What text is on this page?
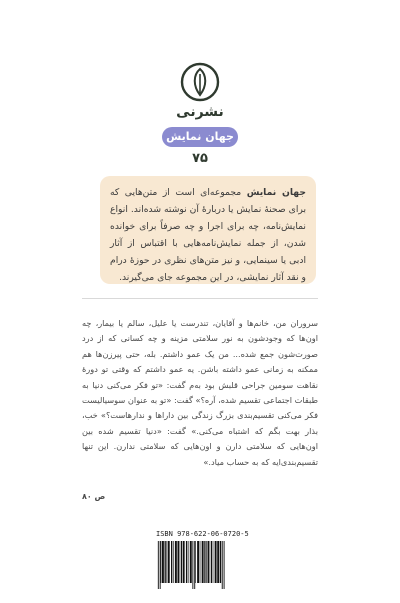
نشرنی
جهان نمایش
۷۵

جهان نمایش مجموعه‌ای است از متن‌هایی که برای صحنهٔ نمایش یا دربارهٔ آن نوشته شده‌اند. انواع نمایش‌نامه، چه برای اجرا و چه صرفاً برای خوانده شدن، از جمله نمایش‌نامه‌هایی با اقتباس از آثار ادبی یا سینمایی، و نیز متن‌های نظری در حوزهٔ درام و نقد آثار نمایشی، در این مجموعه جای می‌گیرند.

سروران من، خانم‌ها و آقایان، تندرست یا علیل، سالم یا بیمار، چه اون‌ها که وجودشون به نور سلامتی مزینه و چه کسانی که از درد صورت‌شون جمع شده... من یک عمو داشتم. بله، حتی پیرزن‌ها هم ممکنه به زمانی عمو داشته باشن. یه عمو داشتم که وقتی تو دورهٔ نقاهت سومین جراحی قلبش بود به‌م گفت: «تو فکر می‌کنی دنیا به طبقات اجتماعی تقسیم شده، آره؟» گفت: «تو به عنوان سوسیالیست فکر می‌کنی تقسیم‌بندی بزرگ زندگی بین داراها و ندارهاست؟» خب، بذار بهت بگم که اشتباه می‌کنی.» گفت: «دنیا تقسیم شده بین اون‌هایی که سلامتی دارن و اون‌هایی که سلامتی ندارن. این تنها تقسیم‌بندی‌ایه که به حساب میاد.»

ص ۸۰
ISBN 978-622-06-0720-5
